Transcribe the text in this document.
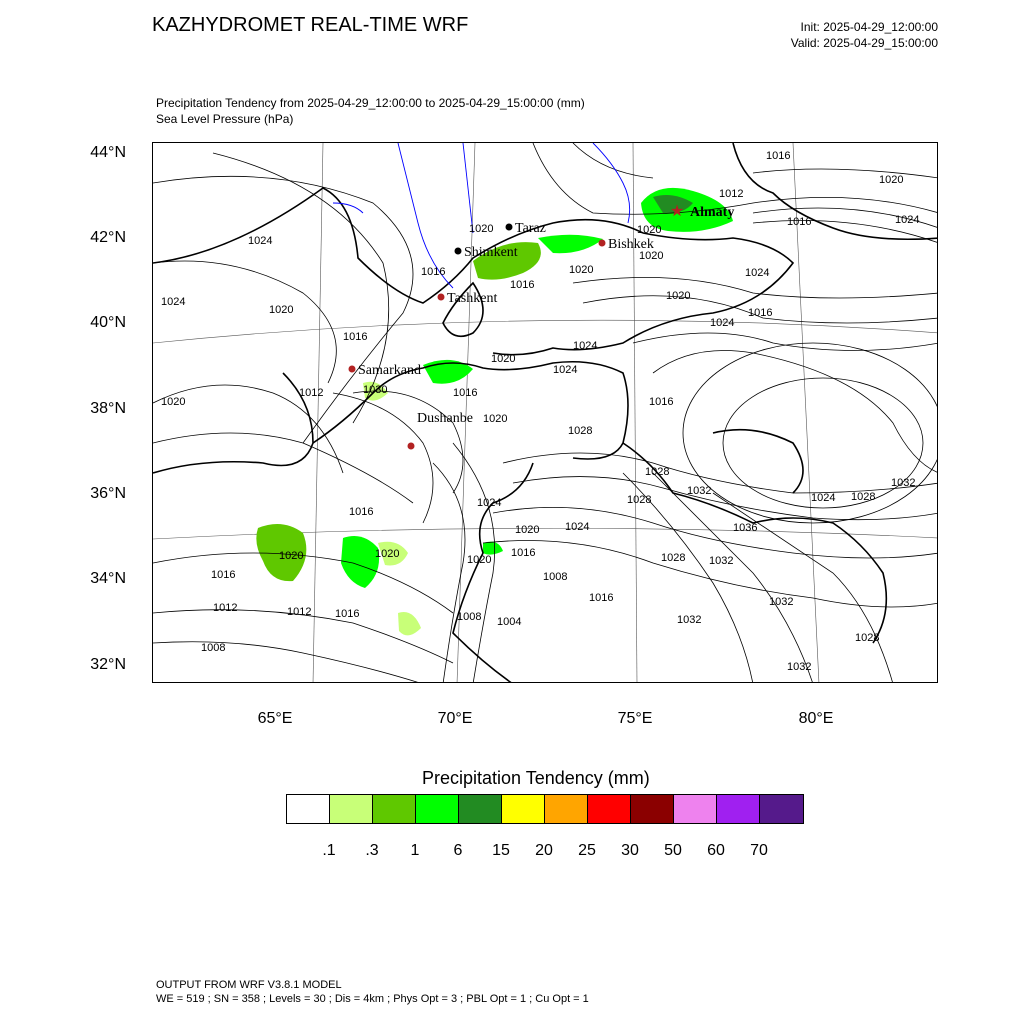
KAZHYDROMET REAL-TIME WRF	Init: 2025-04-29_12:00:00
Valid: 2025-04-29_15:00:00
Precipitation Tendency from 2025-04-29_12:00:00 to 2025-04-29_15:00:00 (mm)
Sea Level Pressure (hPa)
44°N
42°N
40°N
38°N
36°N
34°N
32°N
65°E	70°E	75°E	80°E
★ Almaty
Taraz
Shimkent
Bishkek
Tashkent
Samarkand
Dushanbe
1016
1020
1012
1024
1020
1016
1024
1020
1020
1016	1024
1020
1016
1024	1020
1024
1016
1020
1024
1016
1012
1020
1020
1016
1024
1028
1030
1020
1016
1028
1032
1028
1024	1028
1032
1016
1024
1020	1036
1020
1024
1028 1032
1016
1020
1016	1008
1020
1012	1012 1016	1008 1004
1016
1032
1032
1028
1032
1008
Precipitation Tendency (mm)
.1	.3	1	6	15	20	25	30	50	60	70
OUTPUT FROM WRF V3.8.1 MODEL
WE = 519 ; SN = 358 ; Levels = 30 ; Dis = 4km ; Phys Opt = 3 ; PBL Opt = 1 ; Cu Opt = 1
